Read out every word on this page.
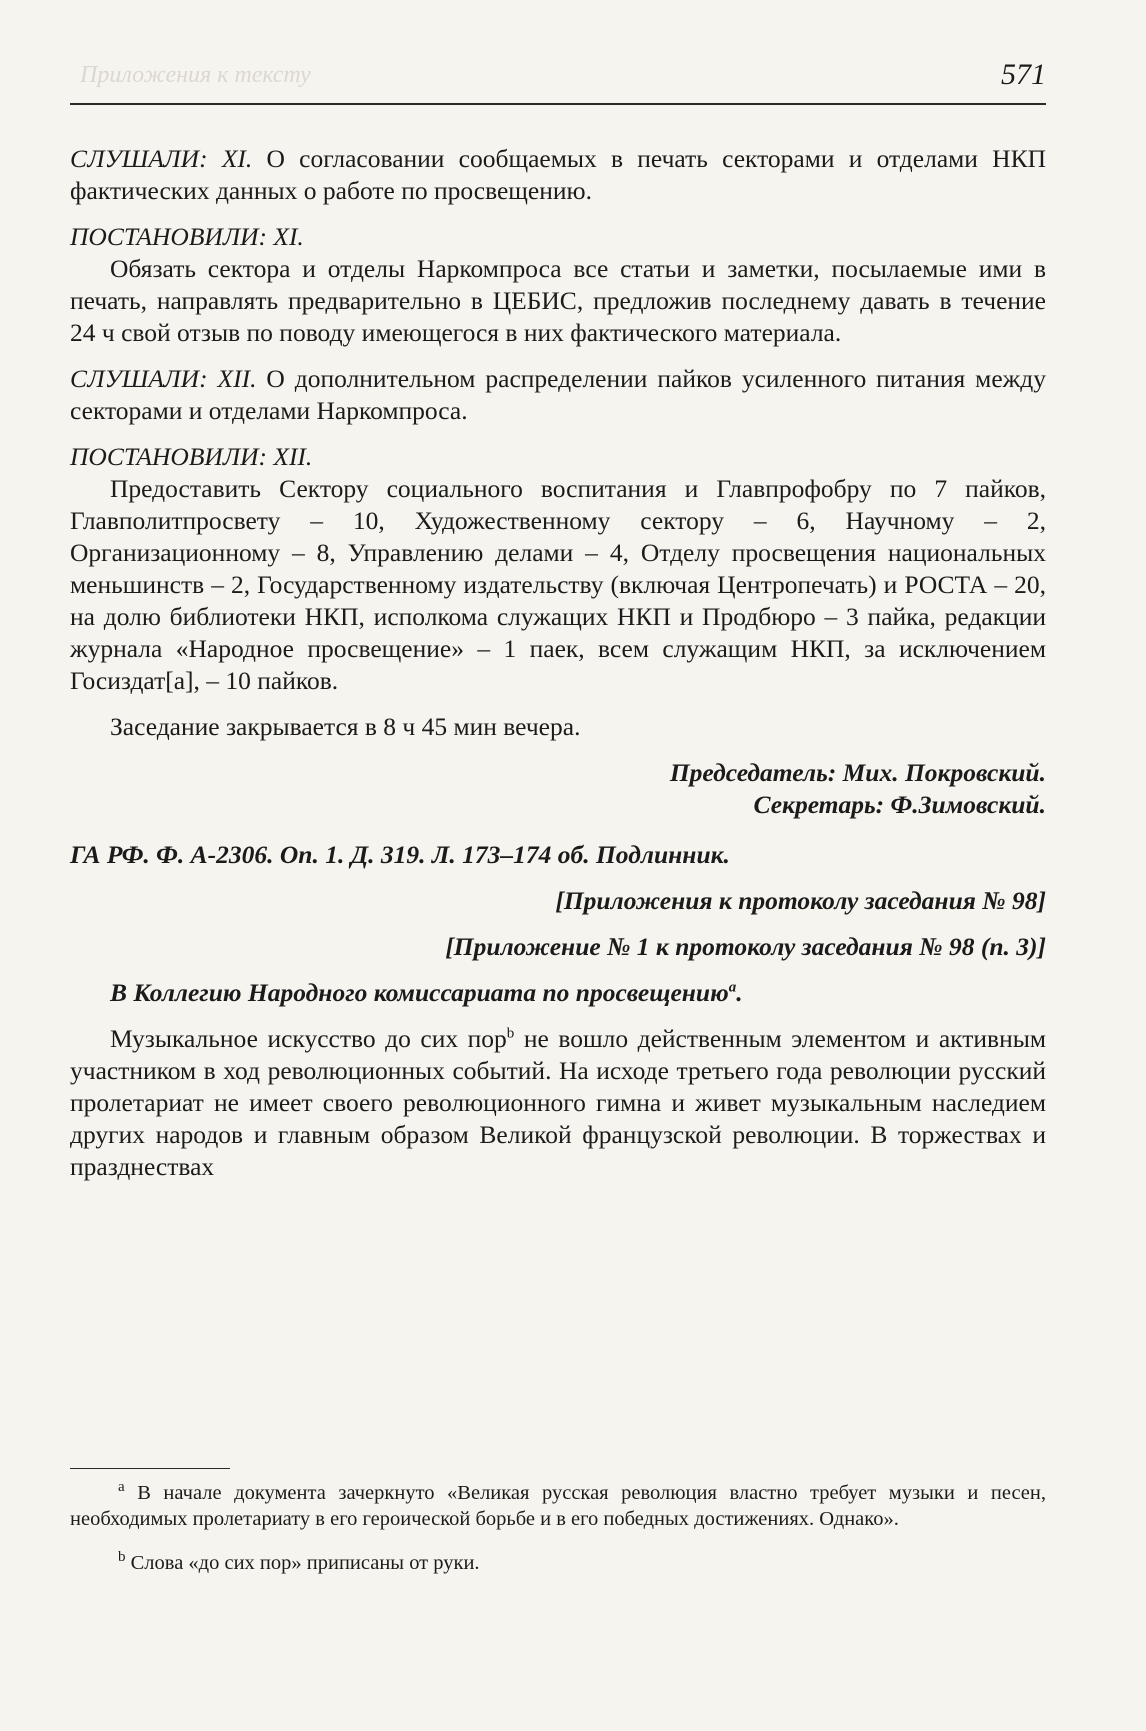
Приложения к тексту	571

СЛУШАЛИ: XI. О согласовании сообщаемых в печать секторами и отделами НКП фактических данных о работе по просвещению.

ПОСТАНОВИЛИ: XI.

Обязать сектора и отделы Наркомпроса все статьи и заметки, посылаемые ими в печать, направлять предварительно в ЦЕБИС, предложив последнему давать в течение 24 ч свой отзыв по поводу имеющегося в них фактического материала.

СЛУШАЛИ: XII. О дополнительном распределении пайков усиленного питания между секторами и отделами Наркомпроса.

ПОСТАНОВИЛИ: XII.

Предоставить Сектору социального воспитания и Главпрофобру по 7 пайков, Главполитпросвету – 10, Художественному сектору – 6, Научному – 2, Организационному – 8, Управлению делами – 4, Отделу просвещения национальных меньшинств – 2, Государственному издательству (включая Центропечать) и РОСТА – 20, на долю библиотеки НКП, исполкома служащих НКП и Продбюро – 3 пайка, редакции журнала «Народное просвещение» – 1 паек, всем служащим НКП, за исключением Госиздат[а], – 10 пайков.

Заседание закрывается в 8 ч 45 мин вечера.

Председатель: Мих. Покровский.

Секретарь: Ф.Зимовский.

ГА РФ. Ф. А-2306. Оп. 1. Д. 319. Л. 173–174 об. Подлинник.

[Приложения к протоколу заседания № 98]

[Приложение № 1 к протоколу заседания № 98 (п. 3)]

В Коллегию Народного комиссариата по просвещению$^a$.

Музыкальное искусство до сих пор$^b$ не вошло действенным элементом и активным участником в ход революционных событий. На исходе третьего года революции русский пролетариат не имеет своего революционного гимна и живет музыкальным наследием других народов и главным образом Великой французской революции. В торжествах и празднествах

$^a$ В начале документа зачеркнуто «Великая русская революция властно требует музыки и песен, необходимых пролетариату в его героической борьбе и в его победных достижениях. Однако».

$^b$ Слова «до сих пор» приписаны от руки.
